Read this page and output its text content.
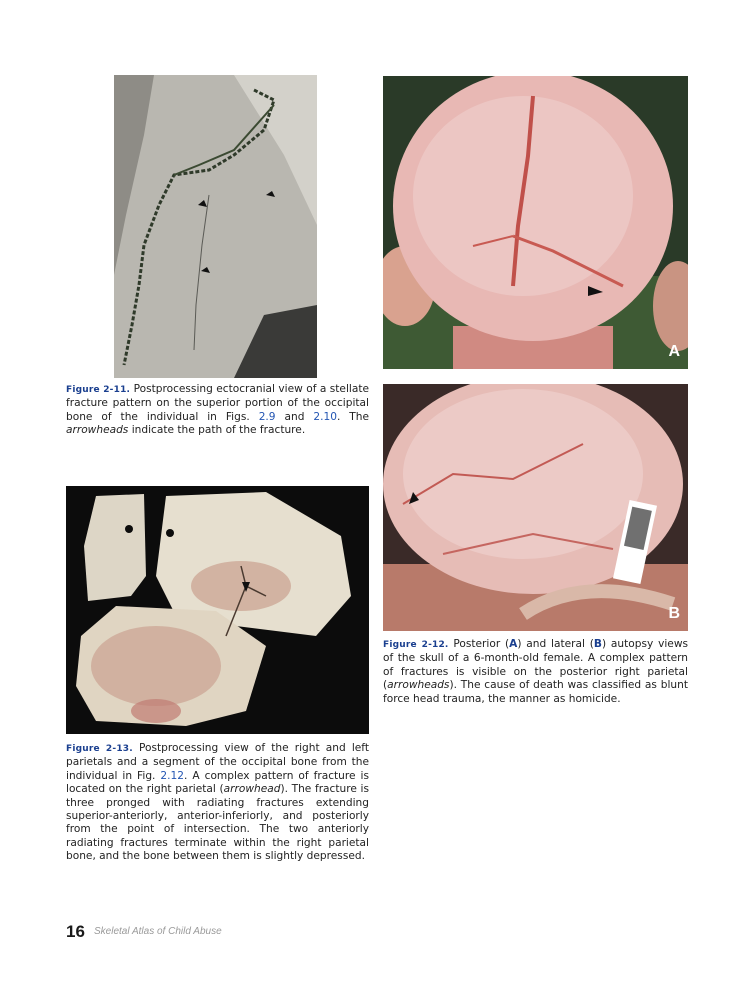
A
B
Figure 2-11. Postprocessing ectocranial view of a stellate fracture pattern on the superior portion of the occipital bone of the individual in Figs. 2.9 and 2.10. The arrowheads indicate the path of the fracture.
Figure 2-12. Posterior (A) and lateral (B) autopsy views of the skull of a 6-month-old female. A complex pattern of fractures is visible on the posterior right parietal (arrowheads). The cause of death was classified as blunt force head trauma, the manner as homicide.
Figure 2-13. Postprocessing view of the right and left parietals and a segment of the occipital bone from the individual in Fig. 2.12. A complex pattern of fracture is located on the right parietal (arrowhead). The fracture is three pronged with radiating fractures extending superior-anteriorly, anterior-inferiorly, and posteriorly from the point of intersection. The two anteriorly radiating fractures terminate within the right parietal bone, and the bone between them is slightly depressed.
16 Skeletal Atlas of Child Abuse
